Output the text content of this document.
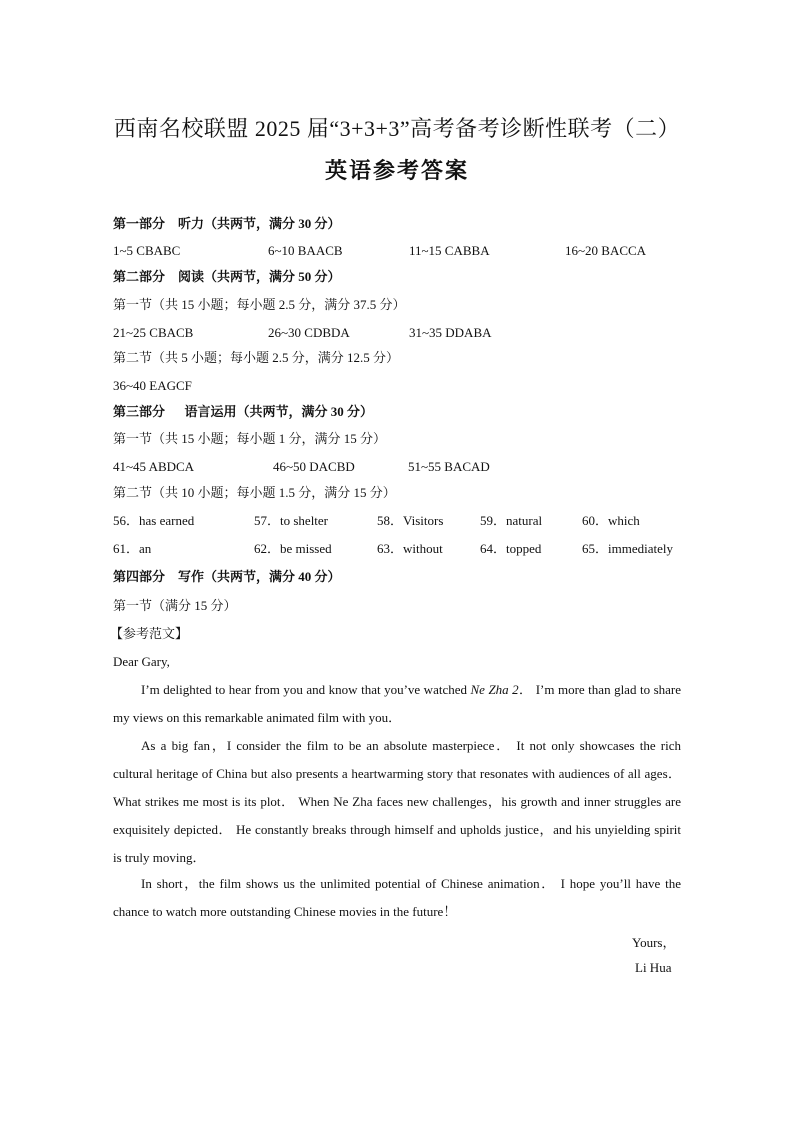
西南名校联盟 2025 届“3+3+3”高考备考诊断性联考（二）
英语参考答案
第一部分 听力（共两节，满分 30 分）
1~5 CBABC	6~10 BAACB	11~15 CABBA	16~20 BACCA
第二部分 阅读（共两节，满分 50 分）
第一节（共 15 小题；每小题 2.5 分，满分 37.5 分）
21~25 CBACB	26~30 CDBDA	31~35 DDABA
第二节（共 5 小题；每小题 2.5 分，满分 12.5 分）
36~40 EAGCF
第三部分 语言运用（共两节，满分 30 分）
第一节（共 15 小题；每小题 1 分，满分 15 分）
41~45 ABDCA	46~50 DACBD	51~55 BACAD
第二节（共 10 小题；每小题 1.5 分，满分 15 分）
56．has earned	57．to shelter	58．Visitors	59．natural	60．which
61．an	62．be missed	63．without	64．topped	65．immediately
第四部分 写作（共两节，满分 40 分）
第一节（满分 15 分）
【参考范文】
Dear Gary,
I’m delighted to hear from you and know that you’ve watched Ne Zha 2． I’m more than glad to share my views on this remarkable animated film with you．
As a big fan，I consider the film to be an absolute masterpiece． It not only showcases the rich cultural heritage of China but also presents a heartwarming story that resonates with audiences of all ages． What strikes me most is its plot． When Ne Zha faces new challenges，his growth and inner struggles are exquisitely depicted． He constantly breaks through himself and upholds justice，and his unyielding spirit is truly moving．
In short，the film shows us the unlimited potential of Chinese animation． I hope you’ll have the chance to watch more outstanding Chinese movies in the future！
Yours，
Li Hua
